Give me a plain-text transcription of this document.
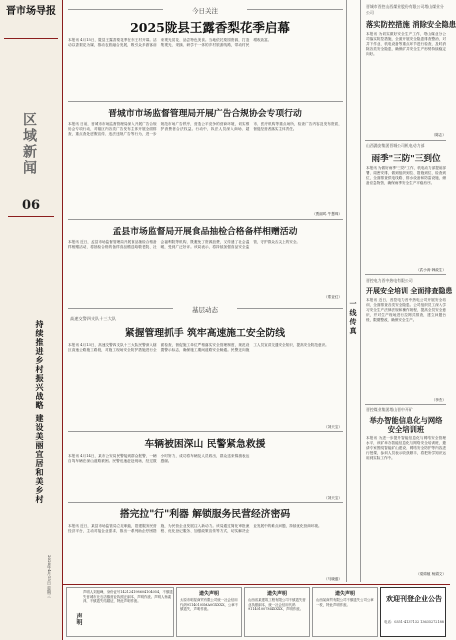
晋市场导报
区域新闻
06
持续推进乡村振兴战略 建设美丽宜居和美乡村
2020年4月15日 星期三
今日关注
2025陇县王露香梨花季启幕
本报讯 4月15日，陇县王露香梨花季在东王村开幕。活动以香梨花为媒，推动农旅融合发展，吸引众多游客前来观光赏花、品尝特色美食。当地依托梨园资源，打造集观光、采摘、研学于一体的乡村旅游线路，带动村民增收致富。
晋城市市场监督管理局开展广告合规协会专项行动
本报讯 日前，晋城市市场监督管理局深入开展广告合规协会专项行动，对辖区内各类广告发布主体开展全面排查，重点查处虚假宣传、违法违规广告等行为，进一步规范市场广告秩序，营造公平竞争的营商环境，切实维护消费者合法权益。行动中，执法人员深入商场、超市、医疗机构等重点场所，检查广告内容及发布资质，督促经营者落实主体责任。
（贾丽鸣 牛慧珠）
孟县市场监督局开展食品抽检合格备样相赠活动
本报讯 近日，孟县市场监督管理局开展食品抽检合格备样相赠活动，将抽检合格的备样食品赠送给敬老院、社会福利院等机构，既避免了资源浪费，又传递了社会温暖，受到广泛好评。该局表示，将持续加强食品安全监管，守护群众舌尖上的安全。
（郑亚红）
基层动态
高速交警四支队十三大队
紧握管理抓手 筑牢高速施工安全防线
本报讯 4月13日，高速交警四支队十三大队民警深入辖区高速公路施工路段，对施工现场安全防护措施进行全面检查，督促施工单位严格落实安全管理制度，规范设置警示标志，确保施工期间道路安全畅通。民警还向施工人员宣讲交通安全知识，提高安全防范意识。
（刘天宝）
车辆被困深山 民警紧急救援
本报讯 4月14日，某市公安局民警接到群众报警，一辆自驾车辆在深山道路被困。民警迅速赶赴现场，经过数小时努力，成功将车辆及人员救出，群众送来锦旗表达感谢。
（刘天宝）
搭完拉"行"利器 解锁服务民营经济密码
本报讯 近日，某县市场监管局立足职能，搭建服务民营经济平台，主动对接企业需求，推出一系列助企纾困措施，为民营企业发展注入新动力。该局通过简化审批流程、优化登记服务、加强政策宣传等方式，切实解决企业发展中的难点问题，持续优化营商环境。
（马晓盛）
一线传真
晋城市晋控山西煤业股份有限公司塔山煤业分公司
落实防控措施 消除安全隐患
本报讯 为切实做好安全生产工作，塔山煤业分公司落实防控措施，全面开展安全隐患排查整治，对井下作业、机电设备等重点环节进行检查，及时消除各类安全隐患，确保矿井安全生产形势持续稳定向好。
（陈志）
山西潞安集团晋城公司机电动力部
雨季"三防"三到位
本报讯 为做好雨季"三防"工作，机电动力部提前部署、周密安排，做到组织到位、措施到位、检查到位，全面排查供电线路、排水设备和防雷设施，储备应急物资，确保雨季安全生产平稳有序。
（武小涛 韩政生）
晋控电力晋中热电有限公司
开展安全培训 全面排查隐患
本报讯 近日，晋控电力晋中热电公司开展安全培训，全面排查各类安全隐患。公司组织员工深入学习安全生产法律法规和操作规程，提高全员安全意识，并对生产现场进行拉网式排查，建立问题台账，限期整改，确保安全生产。
（李杰）
晋控煤业集团塔山晋中开矿
举办智能信息化与网络安全培训班
本报讯 为进一步提升智能信息化与网络安全管理水平，该矿举办智能信息化与网络安全培训班，邀请专家围绕智能矿山建设、网络安全防护等内容进行授课，参训人员表示收获颇丰，将把所学知识运用到实际工作中。
（梁绵植 杨娟文）
声明
声明人刘旭峰，身份证号142124198604104054，不慎遗失晋城市北石店镇营业执照正副本，声明作废。声明人杨素萍，不慎遗失结婚证，特此声明作废。
遗失声明
太原市明星商贸有限公司统一社会信用代码91140105MA0GXXXX，公章不慎遗失，声明作废。
遗失声明
山西省某建筑工程有限公司不慎遗失营业执照副本，统一社会信用代码911401007M4XXXX，声明作废。
遗失声明
山西某商贸有限公司不慎遗失公司公章一枚，特此声明作废。
欢迎刊登企业公告
电话：0351-4137132 13635272188
